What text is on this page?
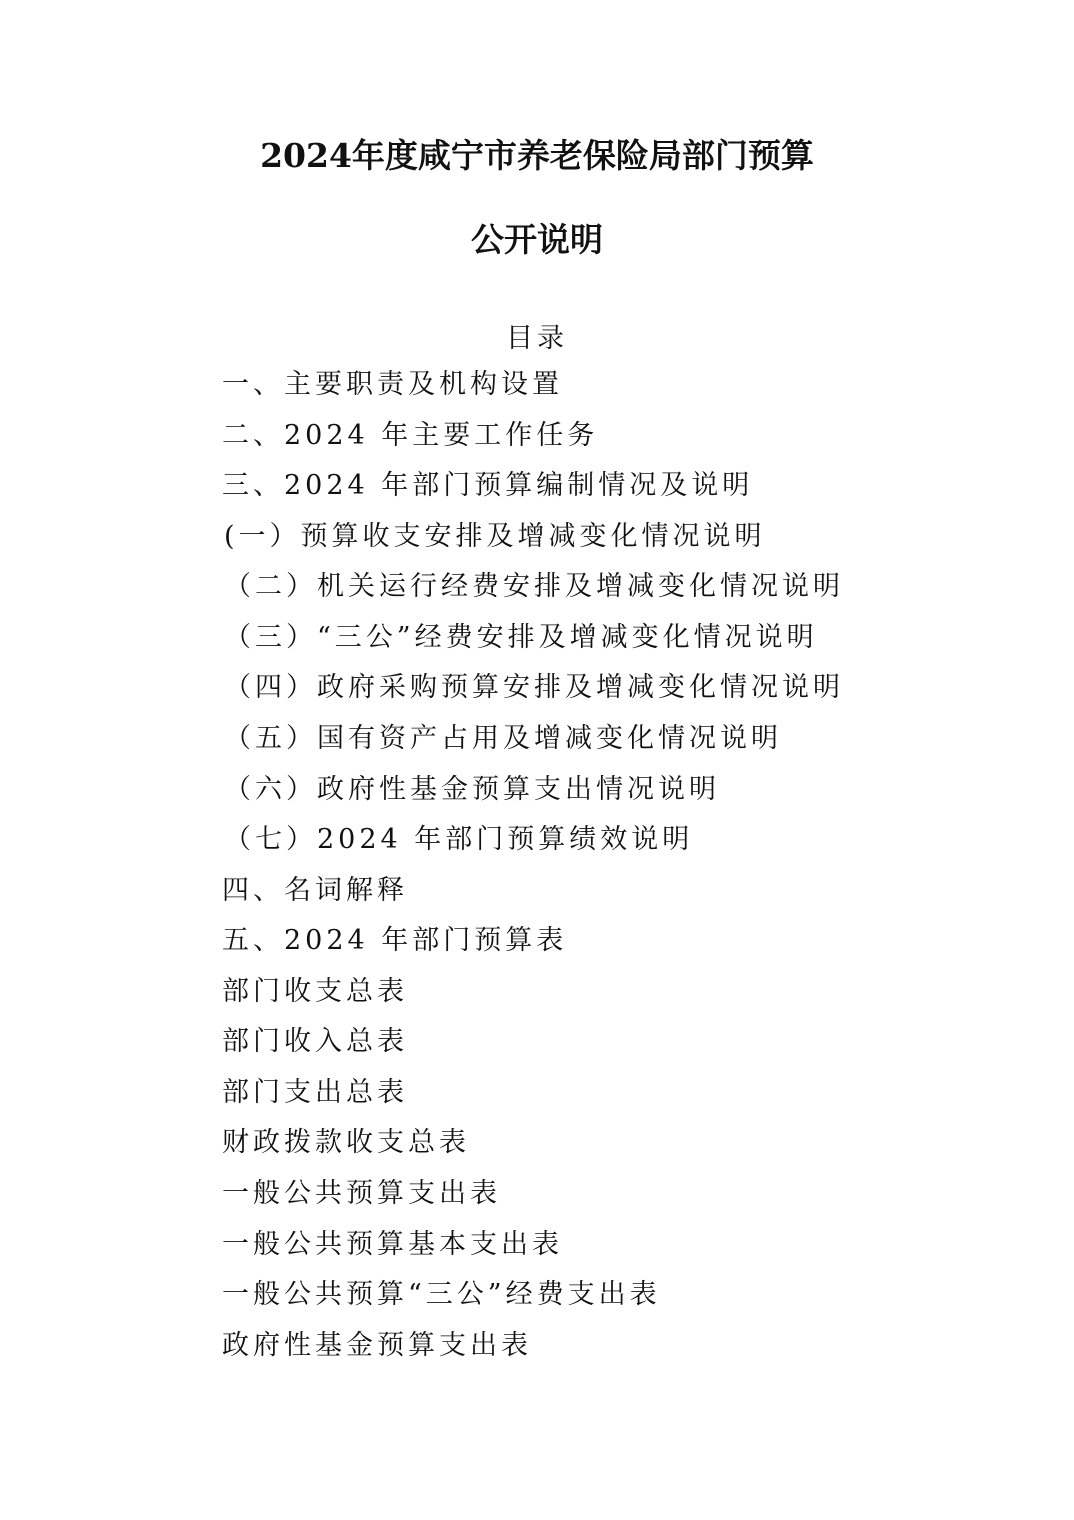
2024年度咸宁市养老保险局部门预算
公开说明
目录
一、主要职责及机构设置
二、2024 年主要工作任务
三、2024 年部门预算编制情况及说明
(一）预算收支安排及增减变化情况说明
（二）机关运行经费安排及增减变化情况说明
（三）“三公”经费安排及增减变化情况说明
（四）政府采购预算安排及增减变化情况说明
（五）国有资产占用及增减变化情况说明
（六）政府性基金预算支出情况说明
（七）2024 年部门预算绩效说明
四、名词解释
五、2024 年部门预算表
部门收支总表
部门收入总表
部门支出总表
财政拨款收支总表
一般公共预算支出表
一般公共预算基本支出表
一般公共预算“三公”经费支出表
政府性基金预算支出表
